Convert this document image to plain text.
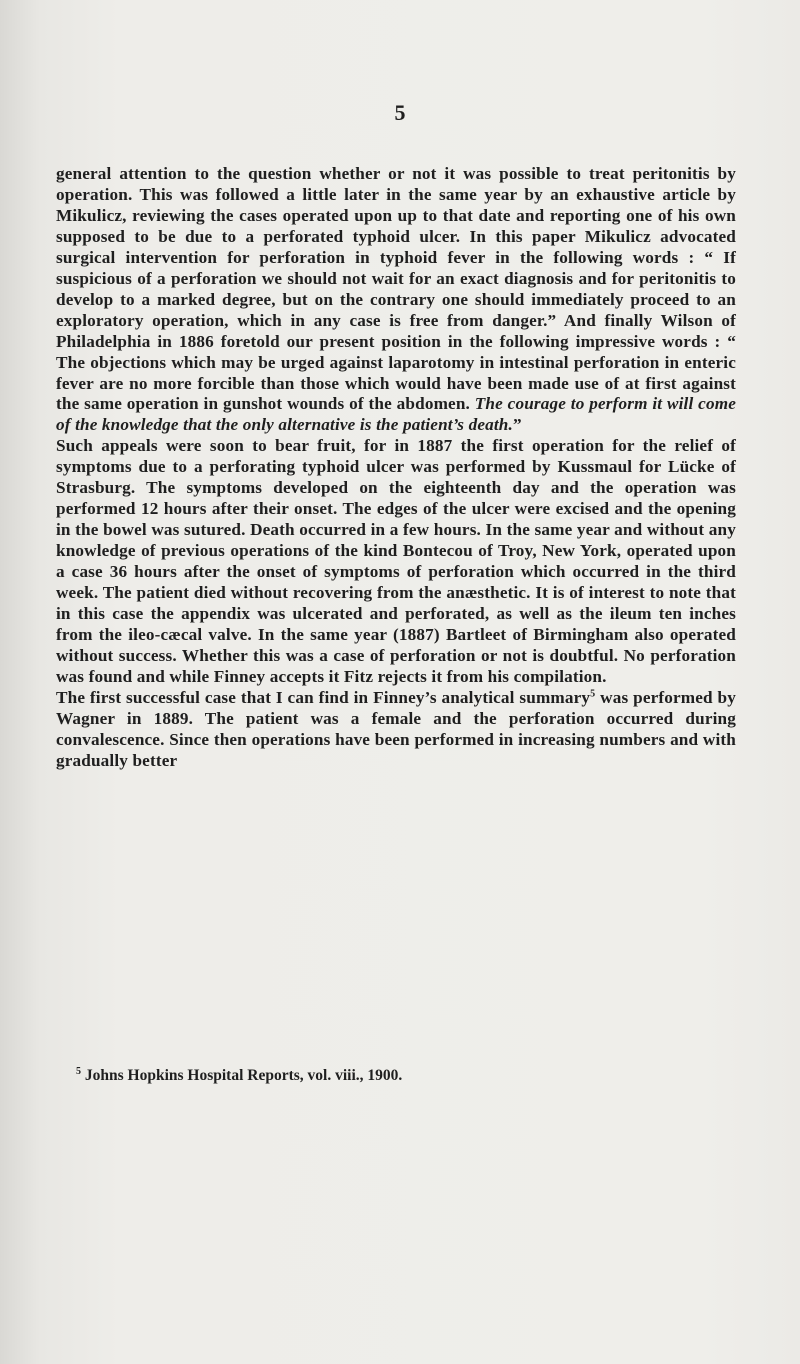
5

general attention to the question whether or not it was possible to treat peritonitis by operation. This was followed a little later in the same year by an exhaustive article by Mikulicz, reviewing the cases operated upon up to that date and reporting one of his own supposed to be due to a perforated typhoid ulcer. In this paper Mikulicz advocated surgical intervention for perforation in typhoid fever in the following words : “ If suspicious of a perforation we should not wait for an exact diagnosis and for peritonitis to develop to a marked degree, but on the contrary one should immediately proceed to an exploratory operation, which in any case is free from danger.” And finally Wilson of Philadelphia in 1886 foretold our present position in the following impressive words : “ The objections which may be urged against laparotomy in intestinal perforation in enteric fever are no more forcible than those which would have been made use of at first against the same operation in gunshot wounds of the abdomen. The courage to perform it will come of the knowledge that the only alternative is the patient’s death.”

Such appeals were soon to bear fruit, for in 1887 the first operation for the relief of symptoms due to a perforating typhoid ulcer was performed by Kussmaul for Lücke of Strasburg. The symptoms developed on the eighteenth day and the operation was performed 12 hours after their onset. The edges of the ulcer were excised and the opening in the bowel was sutured. Death occurred in a few hours. In the same year and without any knowledge of previous operations of the kind Bontecou of Troy, New York, operated upon a case 36 hours after the onset of symptoms of perforation which occurred in the third week. The patient died without recovering from the anæsthetic. It is of interest to note that in this case the appendix was ulcerated and perforated, as well as the ileum ten inches from the ileo-cæcal valve. In the same year (1887) Bartleet of Birmingham also operated without success. Whether this was a case of perforation or not is doubtful. No perforation was found and while Finney accepts it Fitz rejects it from his compilation.

The first successful case that I can find in Finney’s analytical summary$^5$ was performed by Wagner in 1889. The patient was a female and the perforation occurred during convalescence. Since then operations have been performed in increasing numbers and with gradually better

$^5$ Johns Hopkins Hospital Reports, vol. viii., 1900.
